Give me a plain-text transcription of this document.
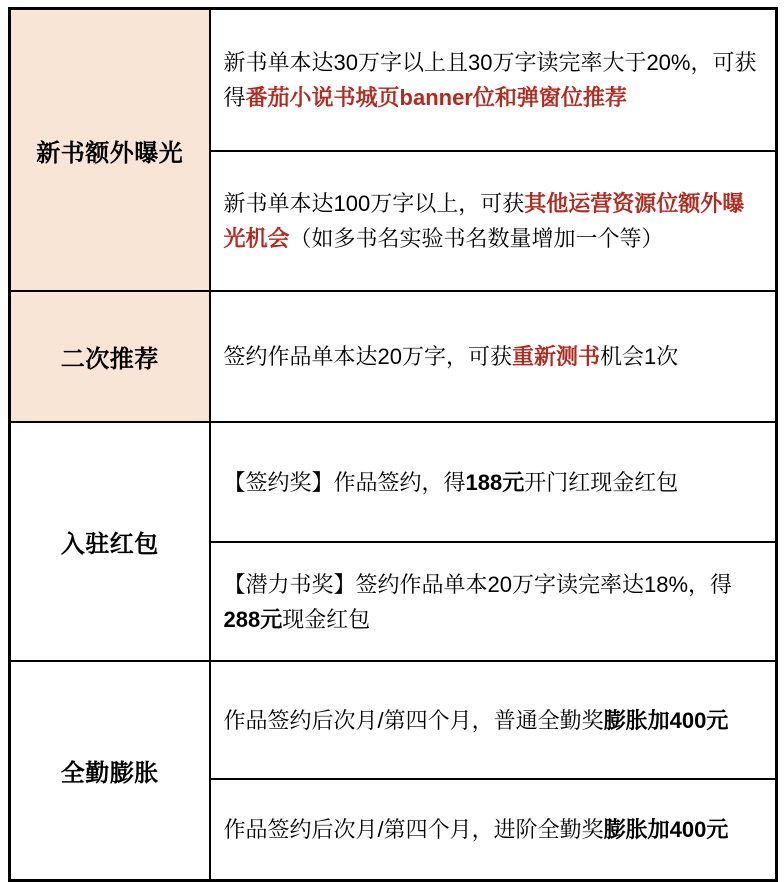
新书额外曝光	新书单本达30万字以上且30万字读完率大于20%，可获得番茄小说书城页banner位和弹窗位推荐
	新书单本达100万字以上，可获其他运营资源位额外曝光机会（如多书名实验书名数量增加一个等）
二次推荐	签约作品单本达20万字，可获重新测书机会1次
入驻红包	【签约奖】作品签约，得188元开门红现金红包
	【潜力书奖】签约作品单本20万字读完率达18%，得288元现金红包
全勤膨胀	作品签约后次月/第四个月，普通全勤奖膨胀加400元
	作品签约后次月/第四个月，进阶全勤奖膨胀加400元
